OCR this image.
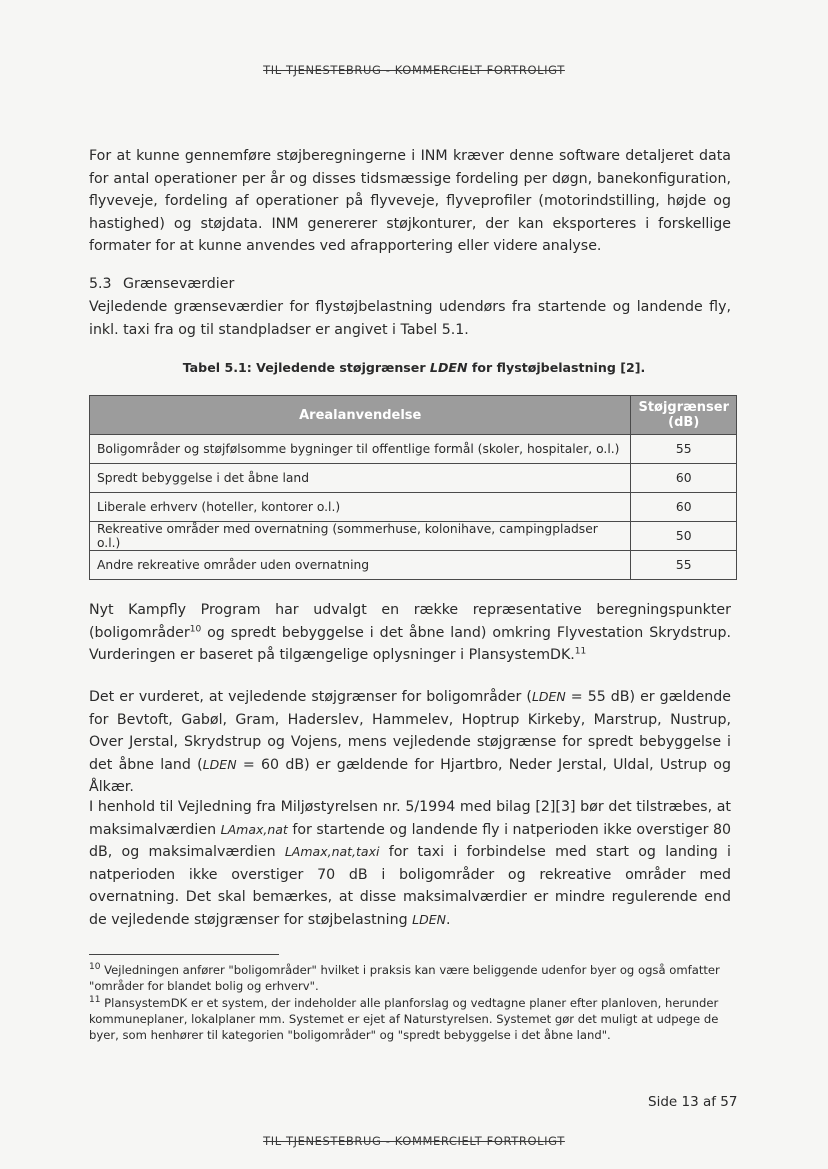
TIL TJENESTEBRUG - KOMMERCIELT FORTROLIGT

For at kunne gennemføre støjberegningerne i INM kræver denne software detaljeret data for antal operationer per år og disses tidsmæssige fordeling per døgn, banekonfiguration, flyveveje, fordeling af operationer på flyveveje, flyveprofiler (motorindstilling, højde og hastighed) og støjdata. INM genererer støjkonturer, der kan eksporteres i forskellige formater for at kunne anvendes ved afrapportering eller videre analyse.

5.3 Grænseværdier

Vejledende grænseværdier for flystøjbelastning udendørs fra startende og landende fly, inkl. taxi fra og til standpladser er angivet i Tabel 5.1.

Tabel 5.1: Vejledende støjgrænser LDEN for flystøjbelastning [2].
Arealanvendelse	Støjgrænser (dB)
Boligområder og støjfølsomme bygninger til offentlige formål (skoler, hospitaler, o.l.)	55
Spredt bebyggelse i det åbne land	60
Liberale erhverv (hoteller, kontorer o.l.)	60
Rekreative områder med overnatning (sommerhuse, kolonihave, campingpladser o.l.)	50
Andre rekreative områder uden overnatning	55

Nyt Kampfly Program har udvalgt en række repræsentative beregningspunkter (boligområder$^{10}$ og spredt bebyggelse i det åbne land) omkring Flyvestation Skrydstrup. Vurderingen er baseret på tilgængelige oplysninger i PlansystemDK.$^{11}$

Det er vurderet, at vejledende støjgrænser for boligområder (LDEN = 55 dB) er gældende for Bevtoft, Gabøl, Gram, Haderslev, Hammelev, Hoptrup Kirkeby, Marstrup, Nustrup, Over Jerstal, Skrydstrup og Vojens, mens vejledende støjgrænse for spredt bebyggelse i det åbne land (LDEN = 60 dB) er gældende for Hjartbro, Neder Jerstal, Uldal, Ustrup og Ålkær.

I henhold til Vejledning fra Miljøstyrelsen nr. 5/1994 med bilag [2][3] bør det tilstræbes, at maksimalværdien LAmax,nat for startende og landende fly i natperioden ikke overstiger 80 dB, og maksimalværdien LAmax,nat,taxi for taxi i forbindelse med start og landing i natperioden ikke overstiger 70 dB i boligområder og rekreative områder med overnatning. Det skal bemærkes, at disse maksimalværdier er mindre regulerende end de vejledende støjgrænser for støjbelastning LDEN.

$^{10}$ Vejledningen anfører "boligområder" hvilket i praksis kan være beliggende udenfor byer og også omfatter "områder for blandet bolig og erhverv".

$^{11}$ PlansystemDK er et system, der indeholder alle planforslag og vedtagne planer efter planloven, herunder kommuneplaner, lokalplaner mm. Systemet er ejet af Naturstyrelsen. Systemet gør det muligt at udpege de byer, som henhører til kategorien "boligområder" og "spredt bebyggelse i det åbne land".

Side 13 af 57
TIL TJENESTEBRUG - KOMMERCIELT FORTROLIGT
